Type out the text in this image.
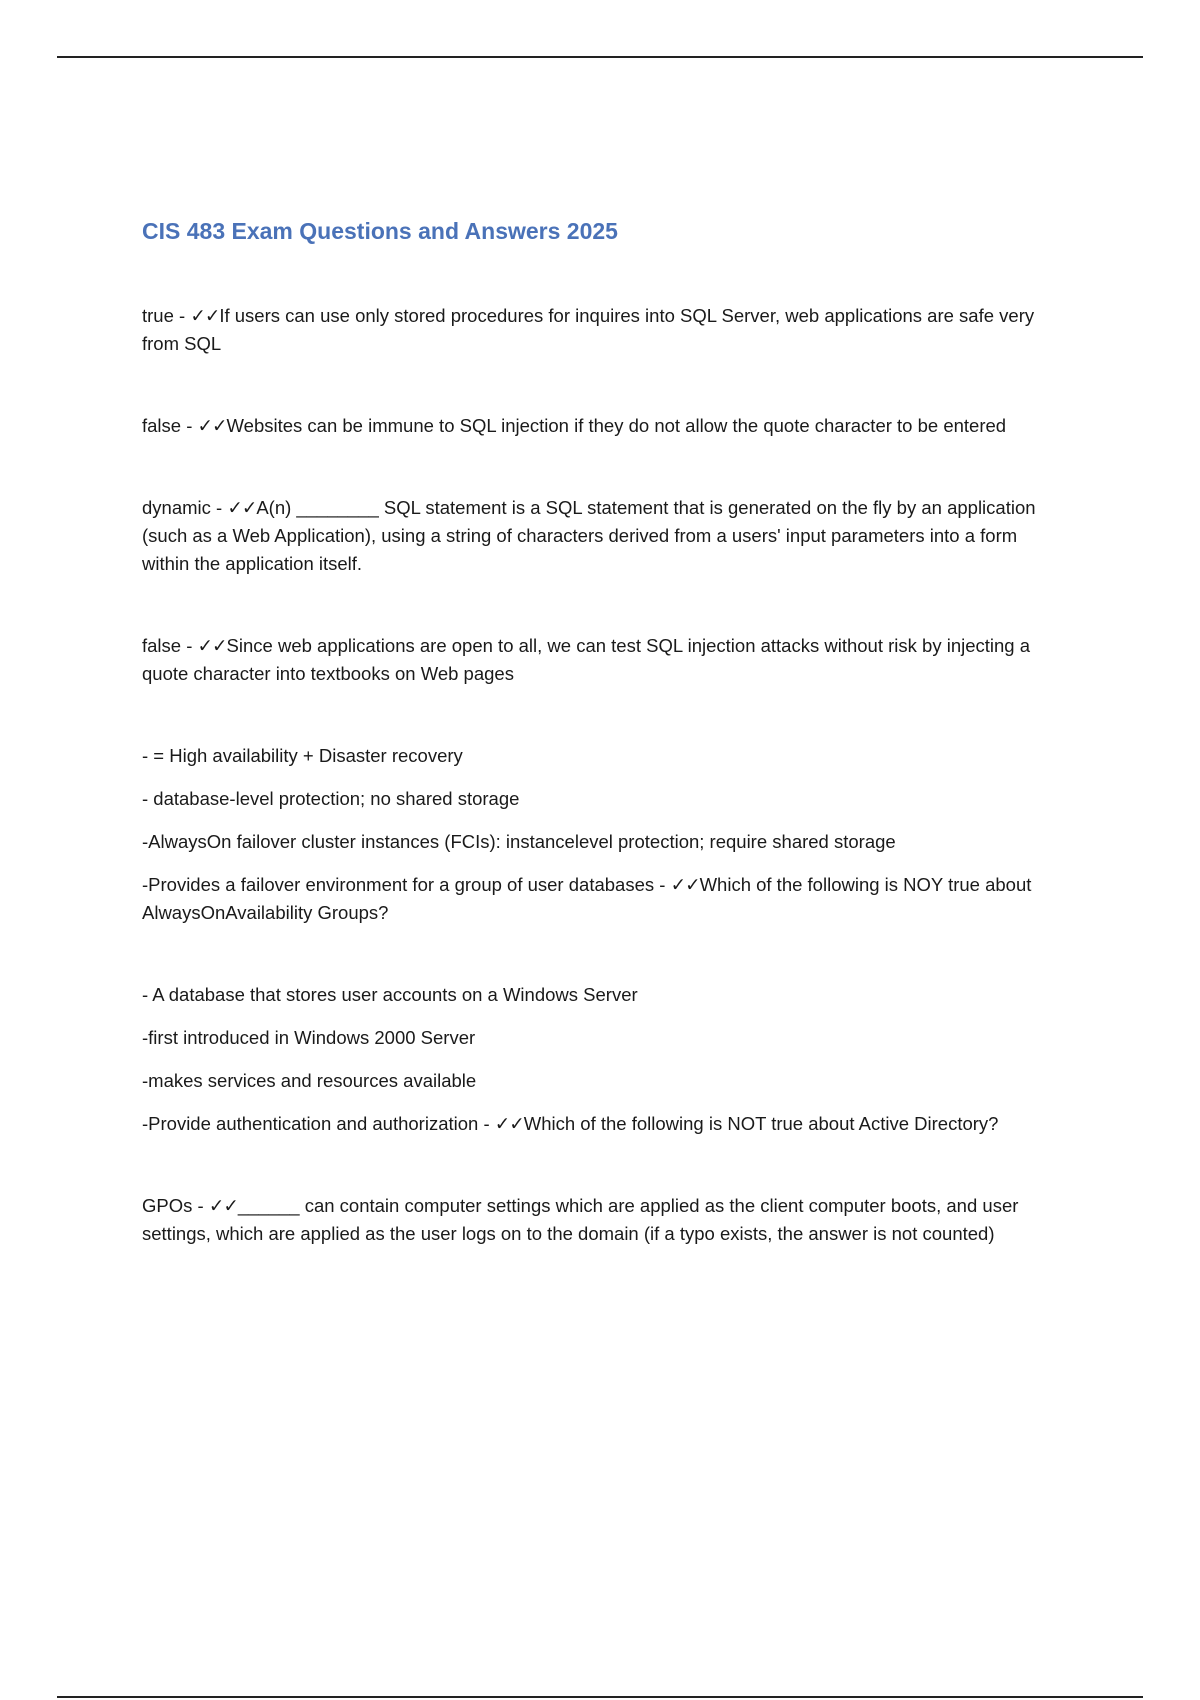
CIS 483 Exam Questions and Answers 2025

true - ✓✓If users can use only stored procedures for inquires into SQL Server, web applications are safe very from SQL

false - ✓✓Websites can be immune to SQL injection if they do not allow the quote character to be entered

dynamic - ✓✓A(n) ________ SQL statement is a SQL statement that is generated on the fly by an application (such as a Web Application), using a string of characters derived from a users' input parameters into a form within the application itself.

false - ✓✓Since web applications are open to all, we can test SQL injection attacks without risk by injecting a quote character into textbooks on Web pages

- = High availability + Disaster recovery

- database-level protection; no shared storage

-AlwaysOn failover cluster instances (FCIs): instancelevel protection; require shared storage

-Provides a failover environment for a group of user databases - ✓✓Which of the following is NOY true about AlwaysOnAvailability Groups?

- A database that stores user accounts on a Windows Server

-first introduced in Windows 2000 Server

-makes services and resources available

-Provide authentication and authorization - ✓✓Which of the following is NOT true about Active Directory?

GPOs - ✓✓______ can contain computer settings which are applied as the client computer boots, and user settings, which are applied as the user logs on to the domain (if a typo exists, the answer is not counted)
